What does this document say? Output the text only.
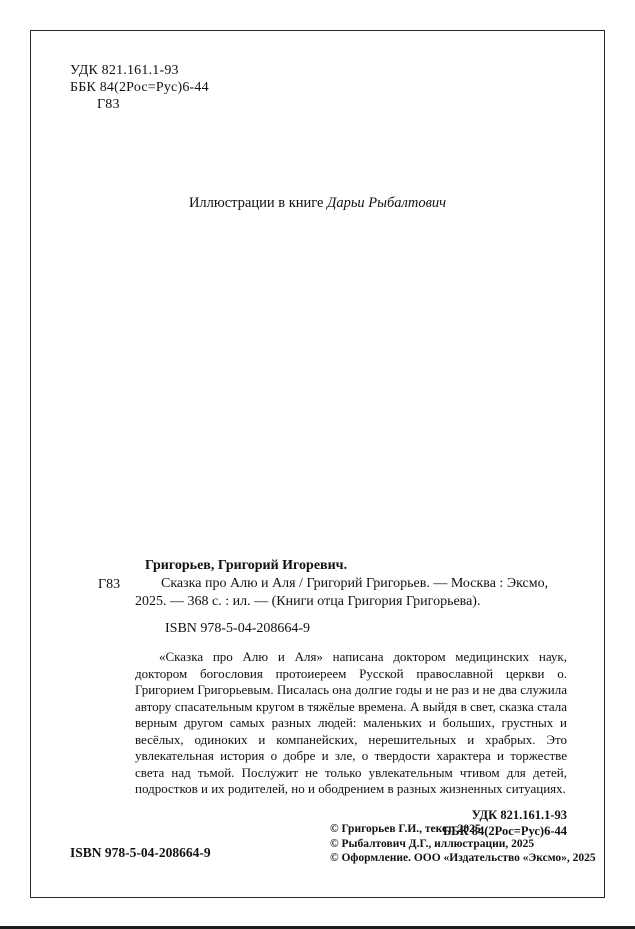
УДК 821.161.1-93
ББК 84(2Рос=Рус)6-44
Г83
Иллюстрации в книге Дарьи Рыбалтович
Г83
Григорьев, Григорий Игоревич.
Сказка про Алю и Аля / Григорий Григорьев. — Москва : Эксмо, 2025. — 368 с. : ил. — (Книги отца Григория Григорьева).
ISBN 978-5-04-208664-9

«Сказка про Алю и Аля» написана доктором медицинских наук, доктором богословия протоиереем Русской православной церкви о. Григорием Григорьевым. Писалась она долгие годы и не раз и не два служила автору спасательным кругом в тяжёлые времена. А выйдя в свет, сказка стала верным другом самых разных людей: маленьких и больших, грустных и весёлых, одиноких и компанейских, нерешительных и храбрых. Это увлекательная история о добре и зле, о твердости характера и торжестве света над тьмой. Послужит не только увлекательным чтивом для детей, подростков и их родителей, но и ободрением в разных жизненных ситуациях.

УДК 821.161.1-93
ББК 84(2Рос=Рус)6-44
ISBN 978-5-04-208664-9
© Григорьев Г.И., текст, 2025
© Рыбалтович Д.Г., иллюстрации, 2025
© Оформление. ООО «Издательство «Эксмо», 2025
